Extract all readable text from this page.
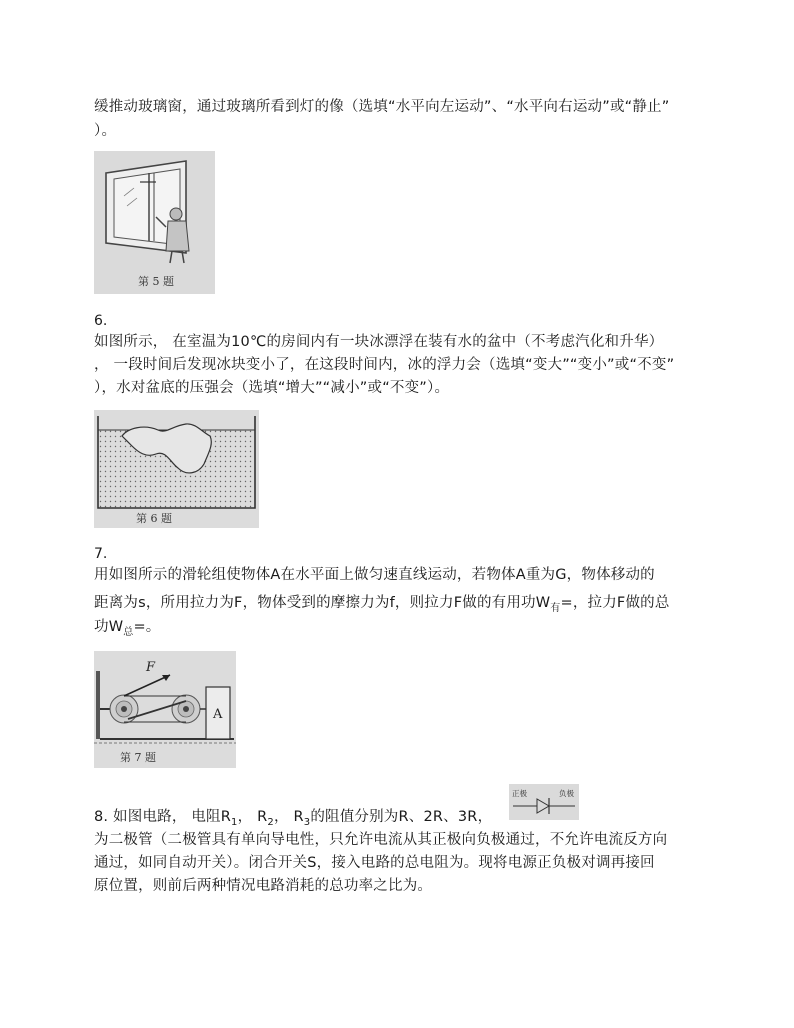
缓推动玻璃窗，通过玻璃所看到灯的像（选填“水平向左运动”、“水平向右运动”或“静止”
）。
第 5 题
6.
如图所示， 在室温为10℃的房间内有一块冰漂浮在装有水的盆中（不考虑汽化和升华）
， 一段时间后发现冰块变小了，在这段时间内，冰的浮力会（选填“变大”“变小”或“不变”
），水对盆底的压强会（选填“增大”“减小”或“不变”）。
第 6 题
7.
用如图所示的滑轮组使物体A在水平面上做匀速直线运动，若物体A重为G，物体移动的
距离为s，所用拉力为F，物体受到的摩擦力为f，则拉力F做的有用功$W_有=$，拉力F做的总
功$W_总=$。
F
A
第 7 题
8. 如图电路， 电阻$R_1$， $R_2$， $R_3$的阻值分别为R、2R、3R，
正极	负极
为二极管（二极管具有单向导电性，只允许电流从其正极向负极通过，不允许电流反方向
通过，如同自动开关）。闭合开关S，接入电路的总电阻为。现将电源正负极对调再接回
原位置，则前后两种情况电路消耗的总功率之比为。
